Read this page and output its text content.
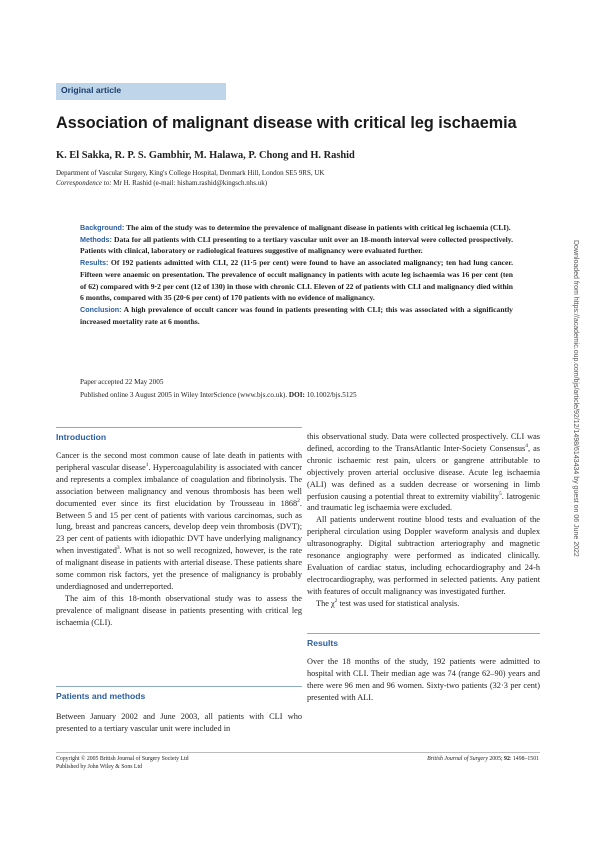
Original article
Association of malignant disease with critical leg ischaemia
K. El Sakka, R. P. S. Gambhir, M. Halawa, P. Chong and H. Rashid
Department of Vascular Surgery, King's College Hospital, Denmark Hill, London SE5 9RS, UK
Correspondence to: Mr H. Rashid (e-mail: hisham.rashid@kingsch.nhs.uk)

Background: The aim of the study was to determine the prevalence of malignant disease in patients with critical leg ischaemia (CLI).

Methods: Data for all patients with CLI presenting to a tertiary vascular unit over an 18-month interval were collected prospectively. Patients with clinical, laboratory or radiological features suggestive of malignancy were evaluated further.

Results: Of 192 patients admitted with CLI, 22 (11·5 per cent) were found to have an associated malignancy; ten had lung cancer. Fifteen were anaemic on presentation. The prevalence of occult malignancy in patients with acute leg ischaemia was 16 per cent (ten of 62) compared with 9·2 per cent (12 of 130) in those with chronic CLI. Eleven of 22 of patients with CLI and malignancy died within 6 months, compared with 35 (20·6 per cent) of 170 patients with no evidence of malignancy.

Conclusion: A high prevalence of occult cancer was found in patients presenting with CLI; this was associated with a significantly increased mortality rate at 6 months.

Paper accepted 22 May 2005
Published online 3 August 2005 in Wiley InterScience (www.bjs.co.uk). DOI: 10.1002/bjs.5125
Introduction

Cancer is the second most common cause of late death in patients with peripheral vascular disease$^1$. Hypercoagulability is associated with cancer and represents a complex imbalance of coagulation and fibrinolysis. The association between malignancy and venous thrombosis has been well documented ever since its first elucidation by Trousseau in 1868$^2$. Between 5 and 15 per cent of patients with various carcinomas, such as lung, breast and pancreas cancers, develop deep vein thrombosis (DVT); 23 per cent of patients with idiopathic DVT have underlying malignancy when investigated$^3$. What is not so well recognized, however, is the rate of malignant disease in patients with arterial disease. These patients share some common risk factors, yet the presence of malignancy is probably underdiagnosed and underreported.

The aim of this 18-month observational study was to assess the prevalence of malignant disease in patients presenting with critical leg ischaemia (CLI).

Patients and methods

Between January 2002 and June 2003, all patients with CLI who presented to a tertiary vascular unit were included in

this observational study. Data were collected prospectively. CLI was defined, according to the TransAtlantic Inter-Society Consensus$^4$, as chronic ischaemic rest pain, ulcers or gangrene attributable to objectively proven arterial occlusive disease. Acute leg ischaemia (ALI) was defined as a sudden decrease or worsening in limb perfusion causing a potential threat to extremity viability$^5$. Iatrogenic and traumatic leg ischaemia were excluded.

All patients underwent routine blood tests and evaluation of the peripheral circulation using Doppler waveform analysis and duplex ultrasonography. Digital subtraction arteriography and magnetic resonance angiography were performed as indicated clinically. Evaluation of cardiac status, including echocardiography and 24-h electrocardiography, was performed in selected patients. Any patient with features of occult malignancy was investigated further.

The $\chi^2$ test was used for statistical analysis.

Results

Over the 18 months of the study, 192 patients were admitted to hospital with CLI. Their median age was 74 (range 62–90) years and there were 96 men and 96 women. Sixty-two patients (32·3 per cent) presented with ALI.

Copyright © 2005 British Journal of Surgery Society Ltd
Published by John Wiley & Sons Ltd
British Journal of Surgery 2005; 92: 1498–1501
Downloaded from https://academic.oup.com/bjs/article/92/12/1498/6143434 by guest on 06 June 2022
